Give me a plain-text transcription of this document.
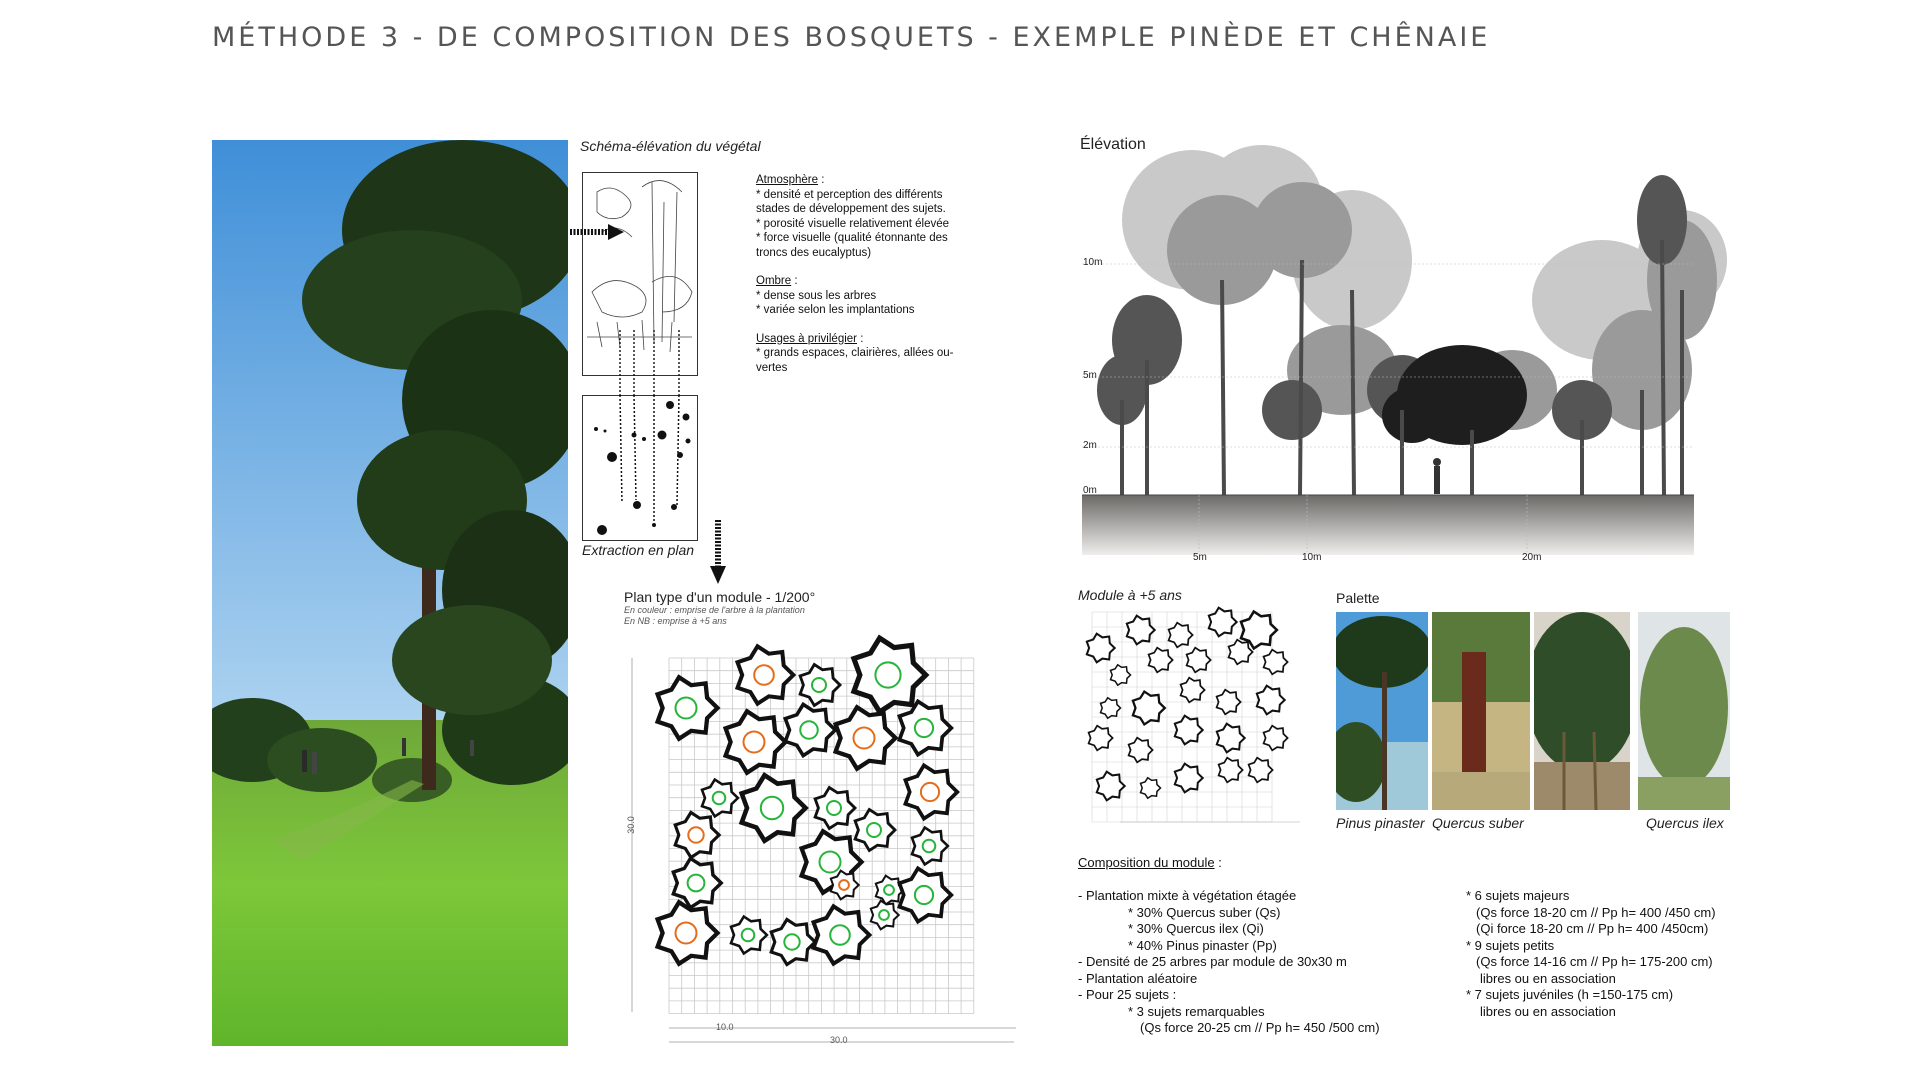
MÉTHODE 3 - DE COMPOSITION DES BOSQUETS - EXEMPLE PINÈDE ET CHÊNAIE
Schéma-élévation du végétal
Extraction en plan
Atmosphère :
* densité et perception des différents
stades de développement des sujets.
* porosité visuelle relativement élevée
* force visuelle (qualité étonnante des
troncs des eucalyptus)
Ombre :
* dense sous les arbres
* variée selon les implantations
Usages à privilégier :
* grands espaces, clairières, allées ou-
vertes
Plan type d'un module - 1/200°
En couleur : emprise de l'arbre à la plantation
En NB : emprise à +5 ans
30.0
10.0
30.0
Élévation
10m
5m
2m
0m
5m	10m	20m
Module à +5 ans	Palette
Pinus pinaster Quercus suber	Quercus ilex
Composition du module :
- Plantation mixte à végétation étagée
* 30% Quercus suber (Qs)
* 30% Quercus ilex (Qi)
* 40% Pinus pinaster (Pp)
- Densité de 25 arbres par module de 30x30 m
- Plantation aléatoire
- Pour 25 sujets :
* 3 sujets remarquables
(Qs force 20-25 cm // Pp h= 450 /500 cm)
* 6 sujets majeurs
(Qs force 18-20 cm // Pp h= 400 /450 cm)
(Qi force 18-20 cm // Pp h= 400 /450cm)
* 9 sujets petits
(Qs force 14-16 cm // Pp h= 175-200 cm)
libres ou en association
* 7 sujets juvéniles (h =150-175 cm)
libres ou en association
